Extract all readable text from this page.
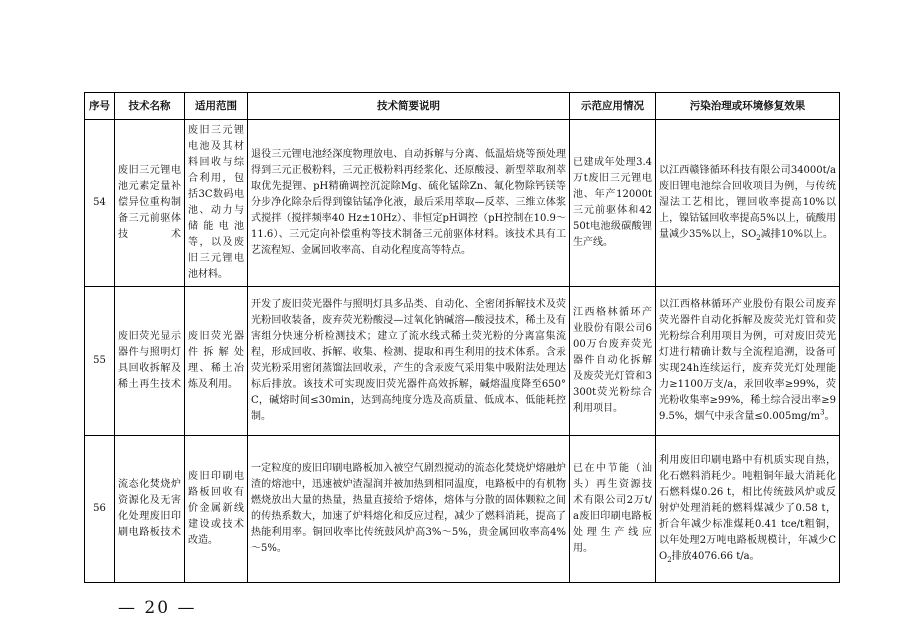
序号	技术名称	适用范围	技术简要说明	示范应用情况	污染治理或环境修复效果
54	废旧三元锂电池元素定量补偿异位重构制备三元前驱体技术	废旧三元锂电池及其材料回收与综合利用，包括3C数码电池、动力与储能电池等，以及废旧三元锂电池材料。	退役三元锂电池经深度物理放电、自动拆解与分离、低温焙烧等预处理得到三元正极粉料，三元正极粉料再经浆化、还原酸浸、新型萃取剂萃取优先提锂、pH精确调控沉淀除Mg、硫化锰除Zn、氟化物除钙镁等分步净化除杂后得到镍钴锰净化液，最后采用萃取—反萃、三维立体浆式搅拌（搅拌频率40 Hz±10Hz）、非恒定pH调控（pH控制在10.9～11.6）、三元定向补偿重构等技术制备三元前驱体材料。该技术具有工艺流程短、金属回收率高、自动化程度高等特点。	已建成年处理3.4万t废旧三元锂电池、年产12000t三元前驱体和4250t电池级碳酸锂生产线。	以江西赣锋循环科技有限公司34000t/a废旧锂电池综合回收项目为例，与传统湿法工艺相比，锂回收率提高10%以上，镍钴锰回收率提高5%以上，硫酸用量减少35%以上，$SO_2$减排10%以上。
55	废旧荧光显示器件与照明灯具回收拆解及稀土再生技术	废旧荧光器件拆解处理、稀土冶炼及利用。	开发了废旧荧光器件与照明灯具多品类、自动化、全密闭拆解技术及荧光粉回收装备，废弃荧光粉酸浸—过氧化钠碱溶—酸浸技术，稀土及有害组分快速分析检测技术；建立了流水线式稀土荧光粉的分离富集流程，形成回收、拆解、收集、检测、提取和再生利用的技术体系。含汞荧光粉采用密闭蒸馏法回收汞，产生的含汞废气采用集中吸附法处理达标后排放。该技术可实现废旧荧光器件高效拆解，碱熔温度降至650°C，碱熔时间≤30min，达到高纯度分选及高质量、低成本、低能耗控制。	江西格林循环产业股份有限公司600万台废弃荧光器件自动化拆解及废荧光灯管和3300t荧光粉综合利用项目。	以江西格林循环产业股份有限公司废弃荧光器件自动化拆解及废荧光灯管和荧光粉综合利用项目为例，可对废旧荧光灯进行精确计数与全流程追溯，设备可实现24h连续运行，废弃荧光灯处理能力≥1100万支/a，汞回收率≥99%，荧光粉收集率≥99%，稀土综合浸出率≥99.5%，烟气中汞含量$\le 0.005mg/m^3$。
56	流态化焚烧炉资源化及无害化处理废旧印刷电路板技术	废旧印刷电路板回收有价金属新线建设或技术改造。	一定粒度的废旧印刷电路板加入被空气剧烈搅动的流态化焚烧炉熔融炉渣的熔池中，迅速被炉渣湿润并被加热到相同温度，电路板中的有机物燃烧放出大量的热量，热量直接给予熔体，熔体与分散的固体颗粒之间的传热系数大，加速了炉料熔化和反应过程，减少了燃料消耗，提高了热能利用率。铜回收率比传统鼓风炉高3%～5%，贵金属回收率高4%～5%。	已在中节能（汕头）再生资源技术有限公司2万t/a废旧印刷电路板处理生产线应用。	利用废旧印刷电路中有机质实现自热，化石燃料消耗少。吨粗铜年最大消耗化石燃料煤0.26 t，相比传统鼓风炉或反射炉处理消耗的燃料煤减少了0.58 t，折合年减少标准煤耗0.41 tce/t粗铜，以年处理2万吨电路板规模计，年减少$CO_2$排放4076.66 t/a。
— 20 —
